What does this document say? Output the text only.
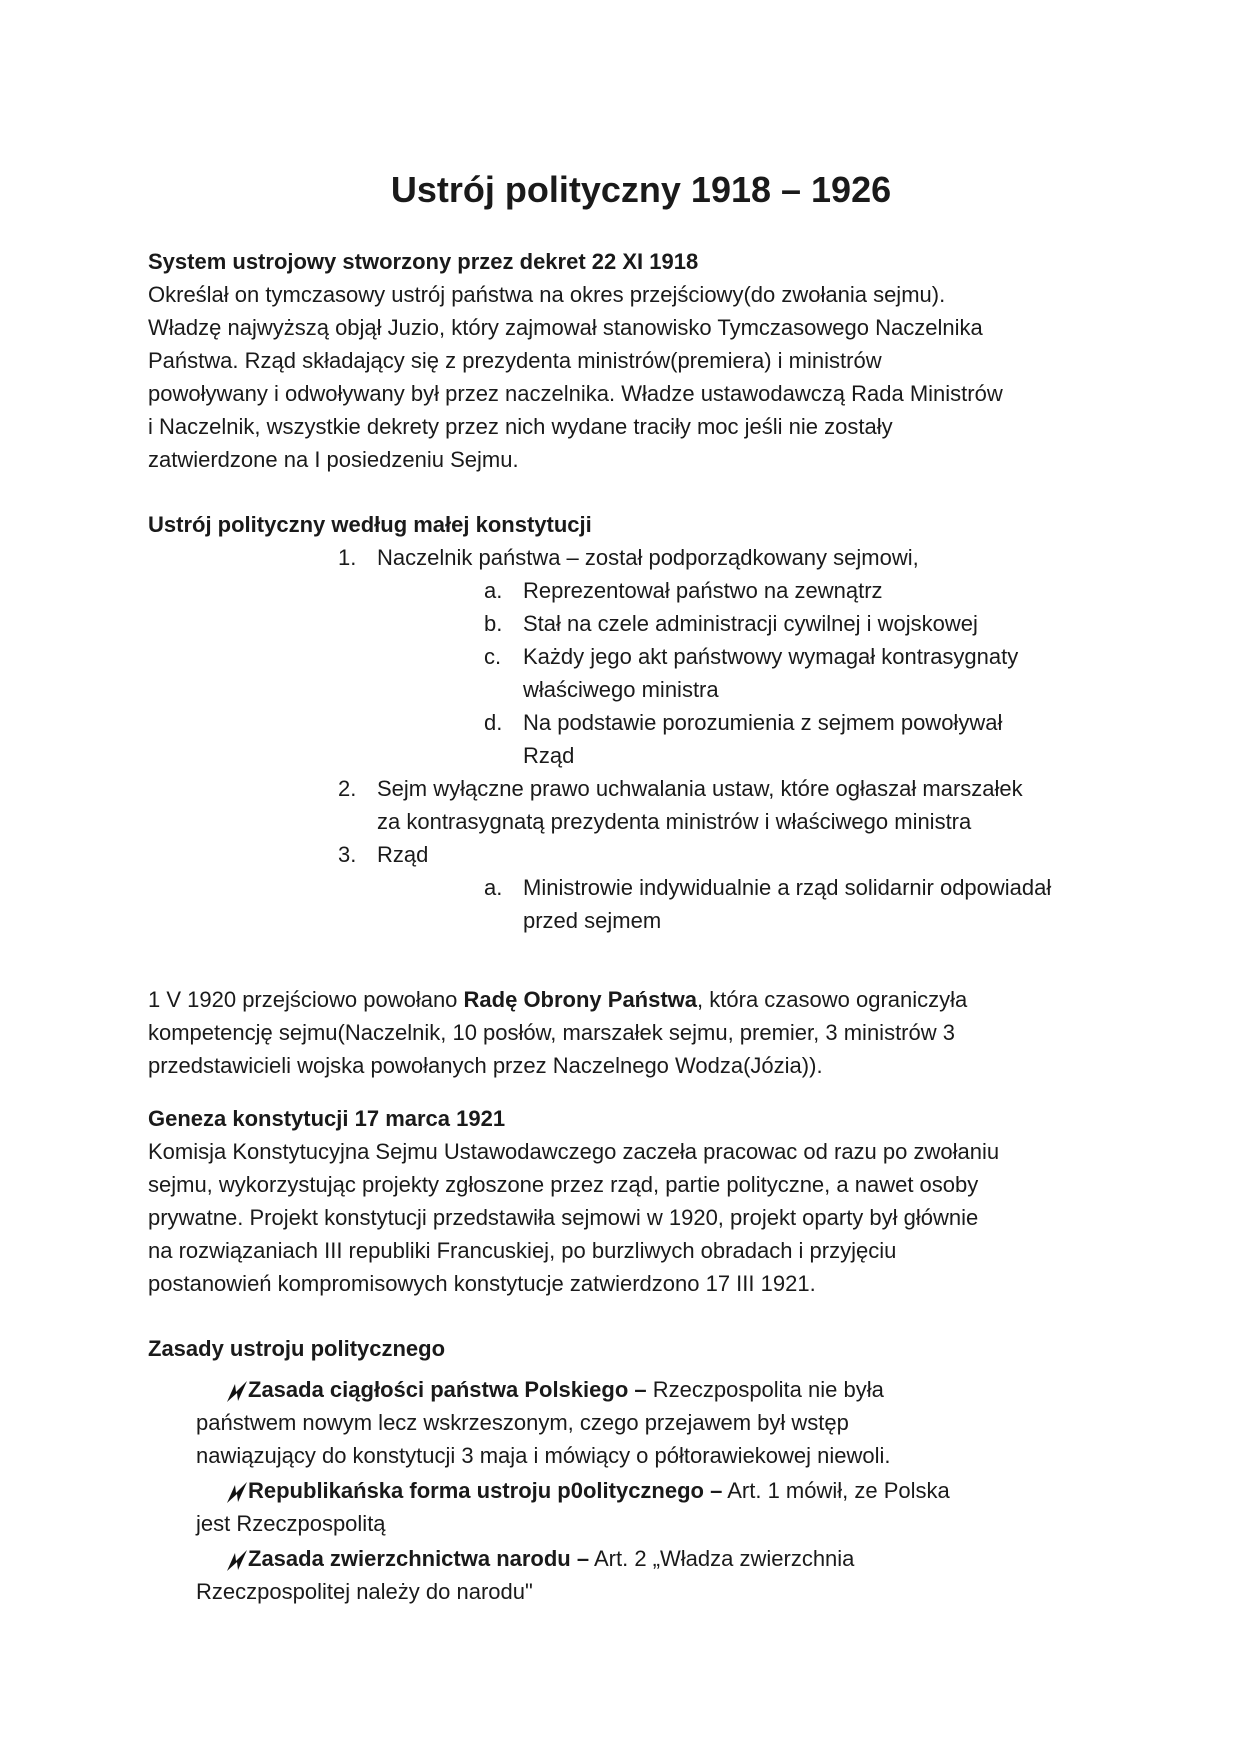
Ustrój polityczny 1918 – 1926

System ustrojowy stworzony przez dekret 22 XI 1918

Określał on tymczasowy ustrój państwa na okres przejściowy(do zwołania sejmu).

Władzę najwyższą objął Juzio, który zajmował stanowisko Tymczasowego Naczelnika

Państwa. Rząd składający się z prezydenta ministrów(premiera) i ministrów

powoływany i odwoływany był przez naczelnika. Władze ustawodawczą Rada Ministrów

i Naczelnik, wszystkie dekrety przez nich wydane traciły moc jeśli nie zostały

zatwierdzone na I posiedzeniu Sejmu.

Ustrój polityczny według małej konstytucji

1. Naczelnik państwa – został podporządkowany sejmowi,
a. Reprezentował państwo na zewnątrz
b. Stał na czele administracji cywilnej i wojskowej
c. Każdy jego akt państwowy wymagał kontrasygnaty
właściwego ministra
d. Na podstawie porozumienia z sejmem powoływał
Rząd
2. Sejm wyłączne prawo uchwalania ustaw, które ogłaszał marszałek
za kontrasygnatą prezydenta ministrów i właściwego ministra
3. Rząd
a. Ministrowie indywidualnie a rząd solidarnir odpowiadał
przed sejmem

1 V 1920 przejściowo powołano Radę Obrony Państwa, która czasowo ograniczyła

kompetencję sejmu(Naczelnik, 10 posłów, marszałek sejmu, premier, 3 ministrów 3

przedstawicieli wojska powołanych przez Naczelnego Wodza(Józia)).

Geneza konstytucji 17 marca 1921

Komisja Konstytucyjna Sejmu Ustawodawczego zaczeła pracowac od razu po zwołaniu

sejmu, wykorzystując projekty zgłoszone przez rząd, partie polityczne, a nawet osoby

prywatne. Projekt konstytucji przedstawiła sejmowi w 1920, projekt oparty był głównie

na rozwiązaniach III republiki Francuskiej, po burzliwych obradach i przyjęciu

postanowień kompromisowych konstytucje zatwierdzono 17 III 1921.

Zasady ustroju politycznego

Zasada ciągłości państwa Polskiego – Rzeczpospolita nie była
państwem nowym lecz wskrzeszonym, czego przejawem był wstęp
nawiązujący do konstytucji 3 maja i mówiący o półtorawiekowej niewoli.
Republikańska forma ustroju p0olitycznego – Art. 1 mówił, ze Polska
jest Rzeczpospolitą
Zasada zwierzchnictwa narodu – Art. 2 „Władza zwierzchnia
Rzeczpospolitej należy do narodu"
